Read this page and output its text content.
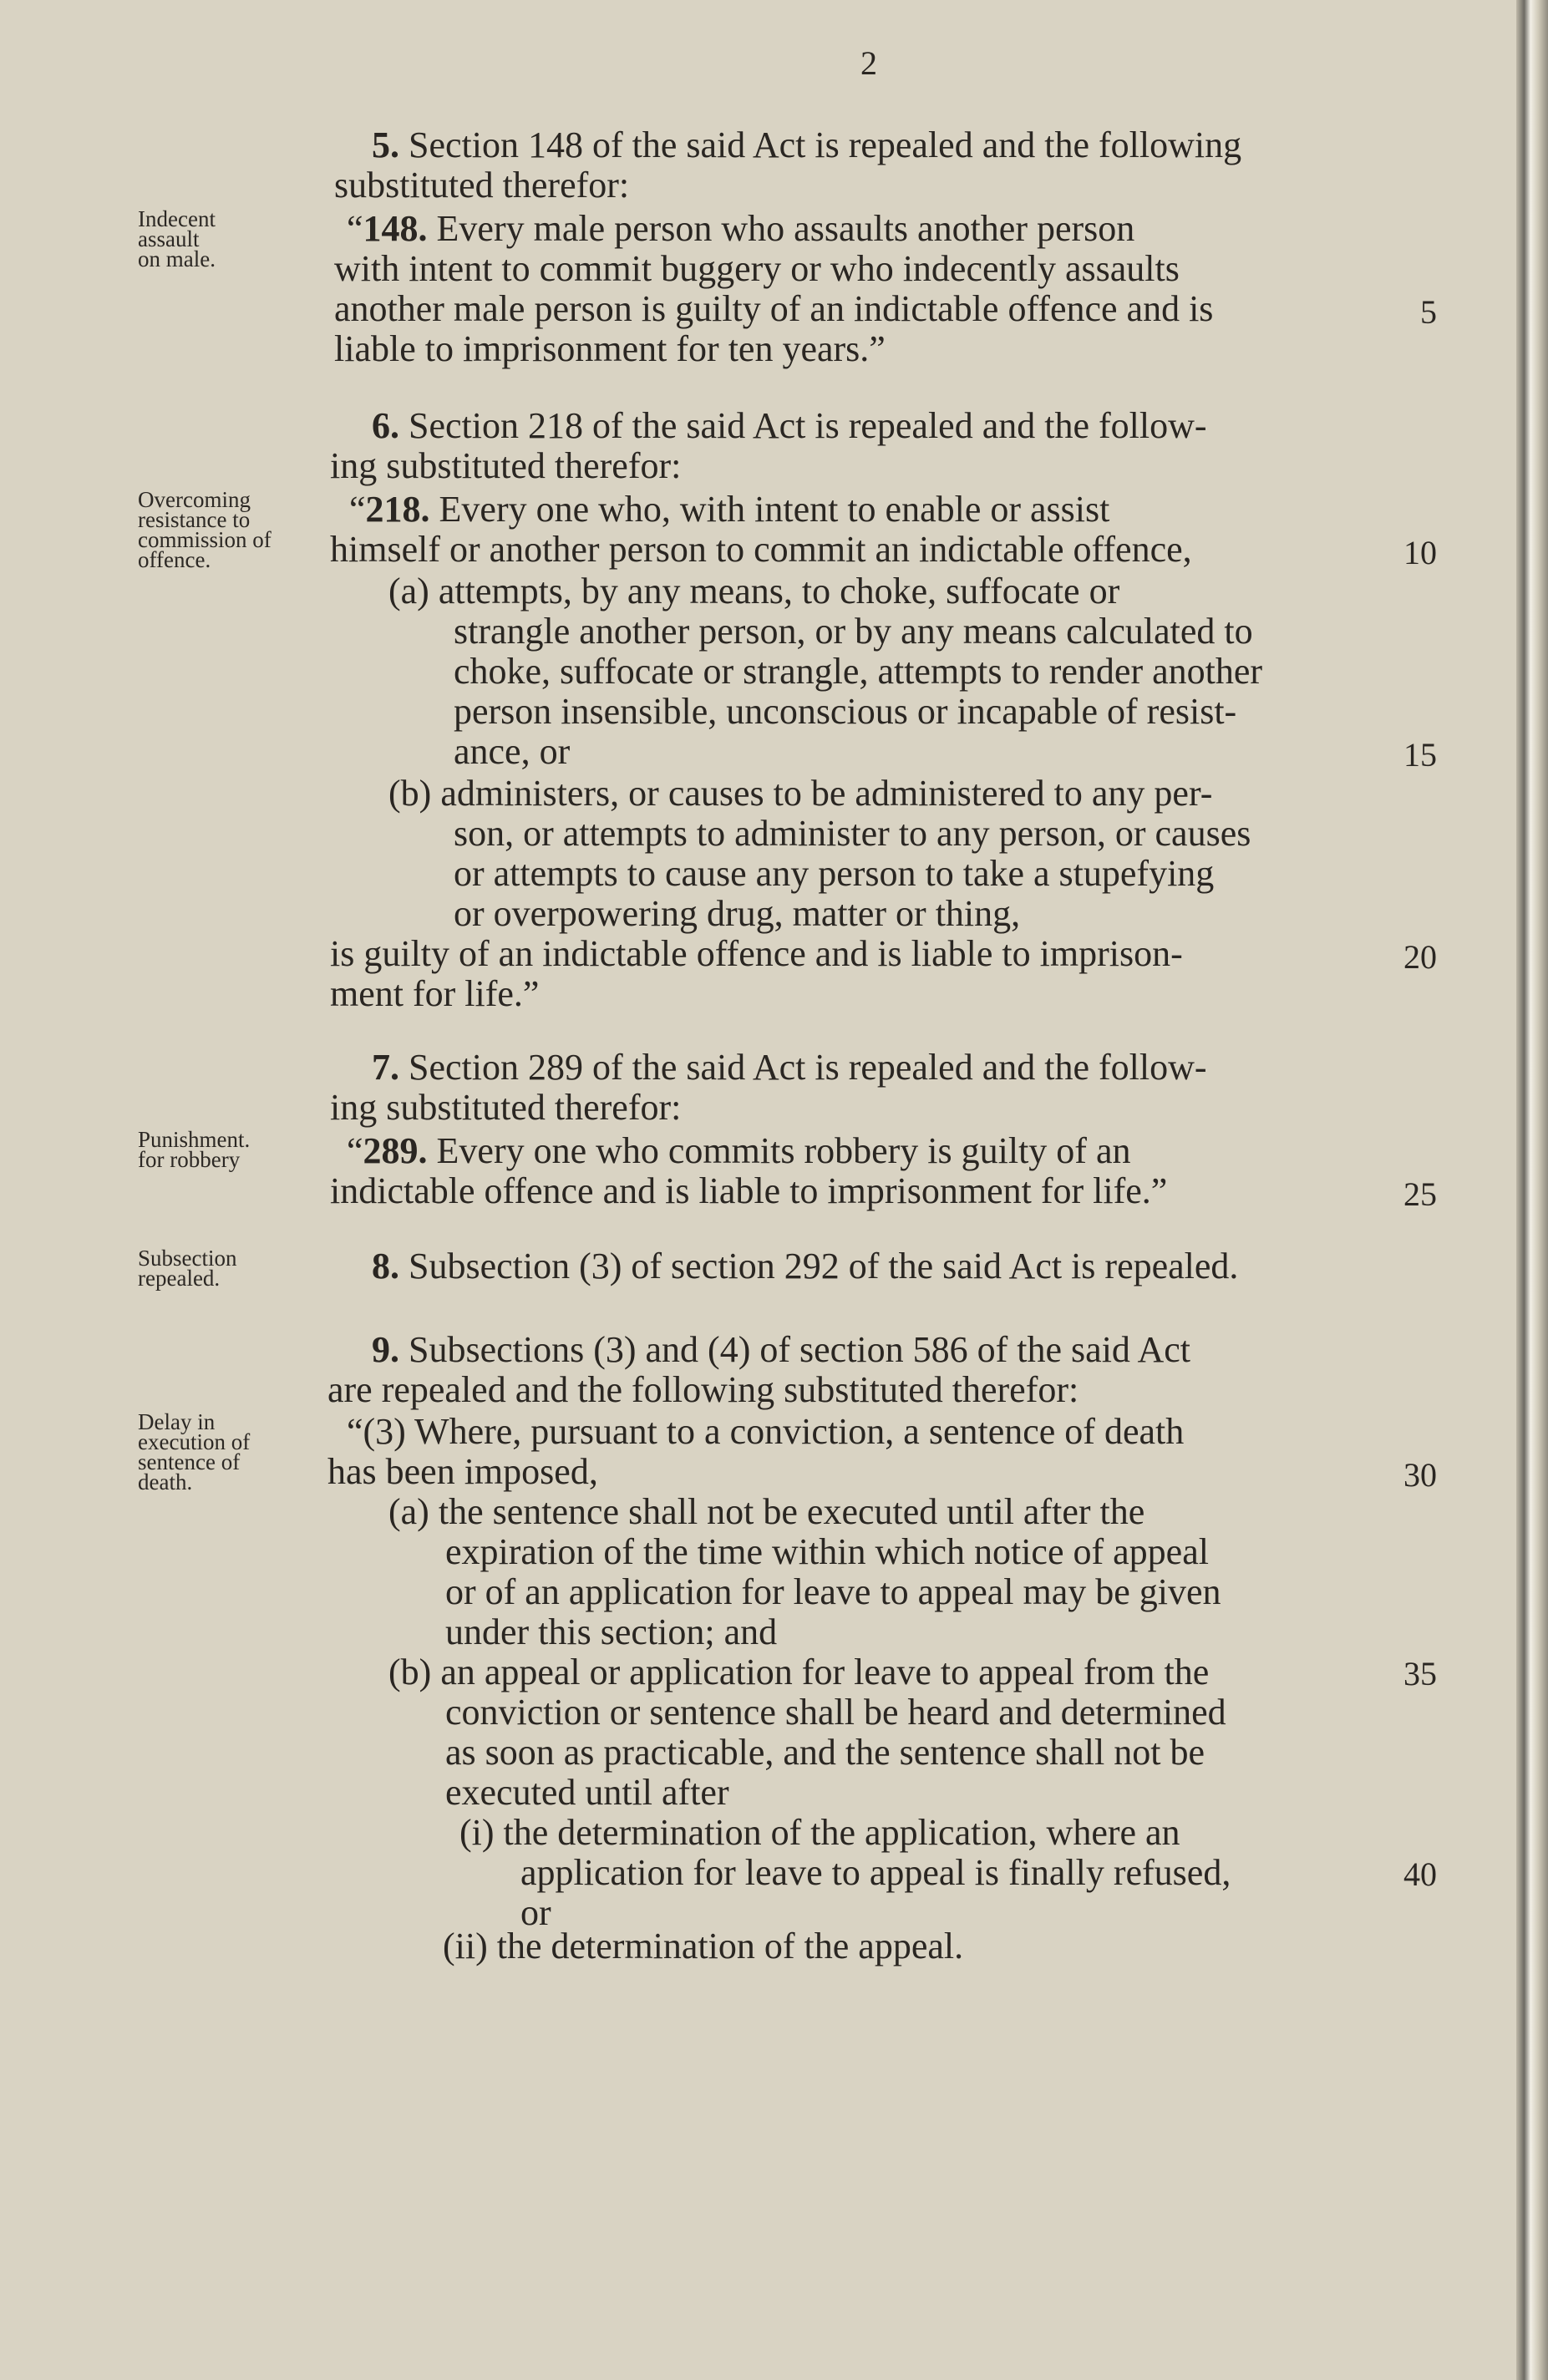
2
Indecent
assault
on male.
Overcoming
resistance to
commission of
offence.
Punishment.
for robbery
Subsection
repealed.
Delay in
execution of
sentence of
death.
5. Section 148 of the said Act is repealed and the following
substituted therefor:
“148. Every male person who assaults another person
with intent to commit buggery or who indecently assaults
another male person is guilty of an indictable offence and is
liable to imprisonment for ten years.”
6. Section 218 of the said Act is repealed and the follow-
ing substituted therefor:
“218. Every one who, with intent to enable or assist
himself or another person to commit an indictable offence,
(a) attempts, by any means, to choke, suffocate or
strangle another person, or by any means calculated to
choke, suffocate or strangle, attempts to render another
person insensible, unconscious or incapable of resist-
ance, or
(b) administers, or causes to be administered to any per-
son, or attempts to administer to any person, or causes
or attempts to cause any person to take a stupefying
or overpowering drug, matter or thing,
is guilty of an indictable offence and is liable to imprison-
ment for life.”
7. Section 289 of the said Act is repealed and the follow-
ing substituted therefor:
“289. Every one who commits robbery is guilty of an
indictable offence and is liable to imprisonment for life.”
8. Subsection (3) of section 292 of the said Act is repealed.
9. Subsections (3) and (4) of section 586 of the said Act
are repealed and the following substituted therefor:
“(3) Where, pursuant to a conviction, a sentence of death
has been imposed,
(a) the sentence shall not be executed until after the
expiration of the time within which notice of appeal
or of an application for leave to appeal may be given
under this section; and
(b) an appeal or application for leave to appeal from the
conviction or sentence shall be heard and determined
as soon as practicable, and the sentence shall not be
executed until after
(i) the determination of the application, where an
application for leave to appeal is finally refused,
or
(ii) the determination of the appeal.
5
10
15
20
25
30
35
40
